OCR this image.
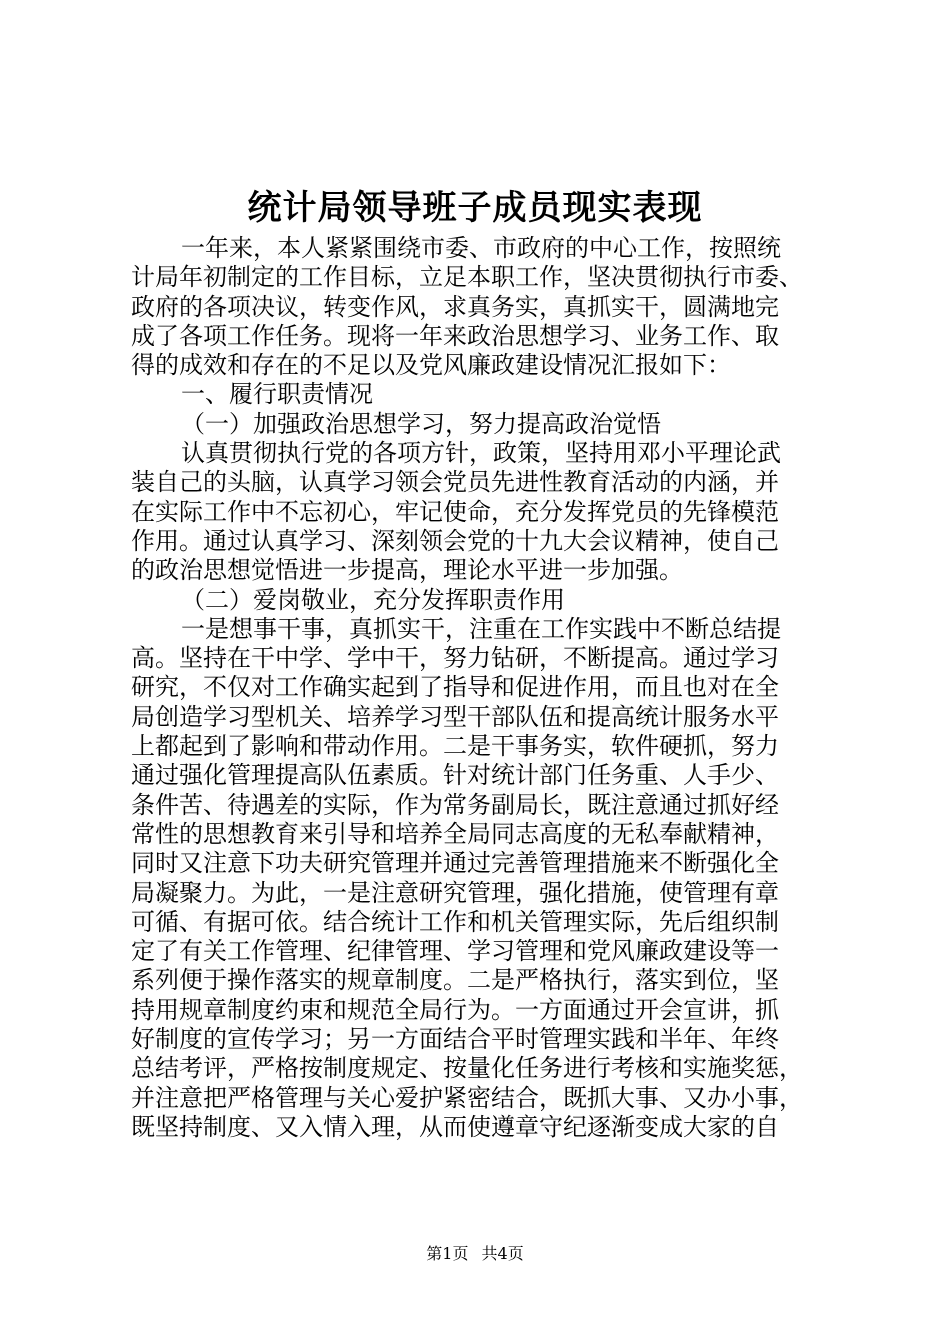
统计局领导班子成员现实表现
一年来，本人紧紧围绕市委、市政府的中心工作，按照统
计局年初制定的工作目标，立足本职工作，坚决贯彻执行市委、
政府的各项决议，转变作风，求真务实，真抓实干，圆满地完
成了各项工作任务。现将一年来政治思想学习、业务工作、取
得的成效和存在的不足以及党风廉政建设情况汇报如下：
一、履行职责情况
（一）加强政治思想学习，努力提高政治觉悟
认真贯彻执行党的各项方针，政策，坚持用邓小平理论武
装自己的头脑，认真学习领会党员先进性教育活动的内涵，并
在实际工作中不忘初心，牢记使命，充分发挥党员的先锋模范
作用。通过认真学习、深刻领会党的十九大会议精神，使自己
的政治思想觉悟进一步提高，理论水平进一步加强。
（二）爱岗敬业，充分发挥职责作用
一是想事干事，真抓实干，注重在工作实践中不断总结提
高。坚持在干中学、学中干，努力钻研，不断提高。通过学习
研究，不仅对工作确实起到了指导和促进作用，而且也对在全
局创造学习型机关、培养学习型干部队伍和提高统计服务水平
上都起到了影响和带动作用。二是干事务实，软件硬抓，努力
通过强化管理提高队伍素质。针对统计部门任务重、人手少、
条件苦、待遇差的实际，作为常务副局长，既注意通过抓好经
常性的思想教育来引导和培养全局同志高度的无私奉献精神，
同时又注意下功夫研究管理并通过完善管理措施来不断强化全
局凝聚力。为此，一是注意研究管理，强化措施，使管理有章
可循、有据可依。结合统计工作和机关管理实际，先后组织制
定了有关工作管理、纪律管理、学习管理和党风廉政建设等一
系列便于操作落实的规章制度。二是严格执行，落实到位，坚
持用规章制度约束和规范全局行为。一方面通过开会宣讲，抓
好制度的宣传学习；另一方面结合平时管理实践和半年、年终
总结考评，严格按制度规定、按量化任务进行考核和实施奖惩，
并注意把严格管理与关心爱护紧密结合，既抓大事、又办小事，
既坚持制度、又入情入理，从而使遵章守纪逐渐变成大家的自
第1页 共4页
